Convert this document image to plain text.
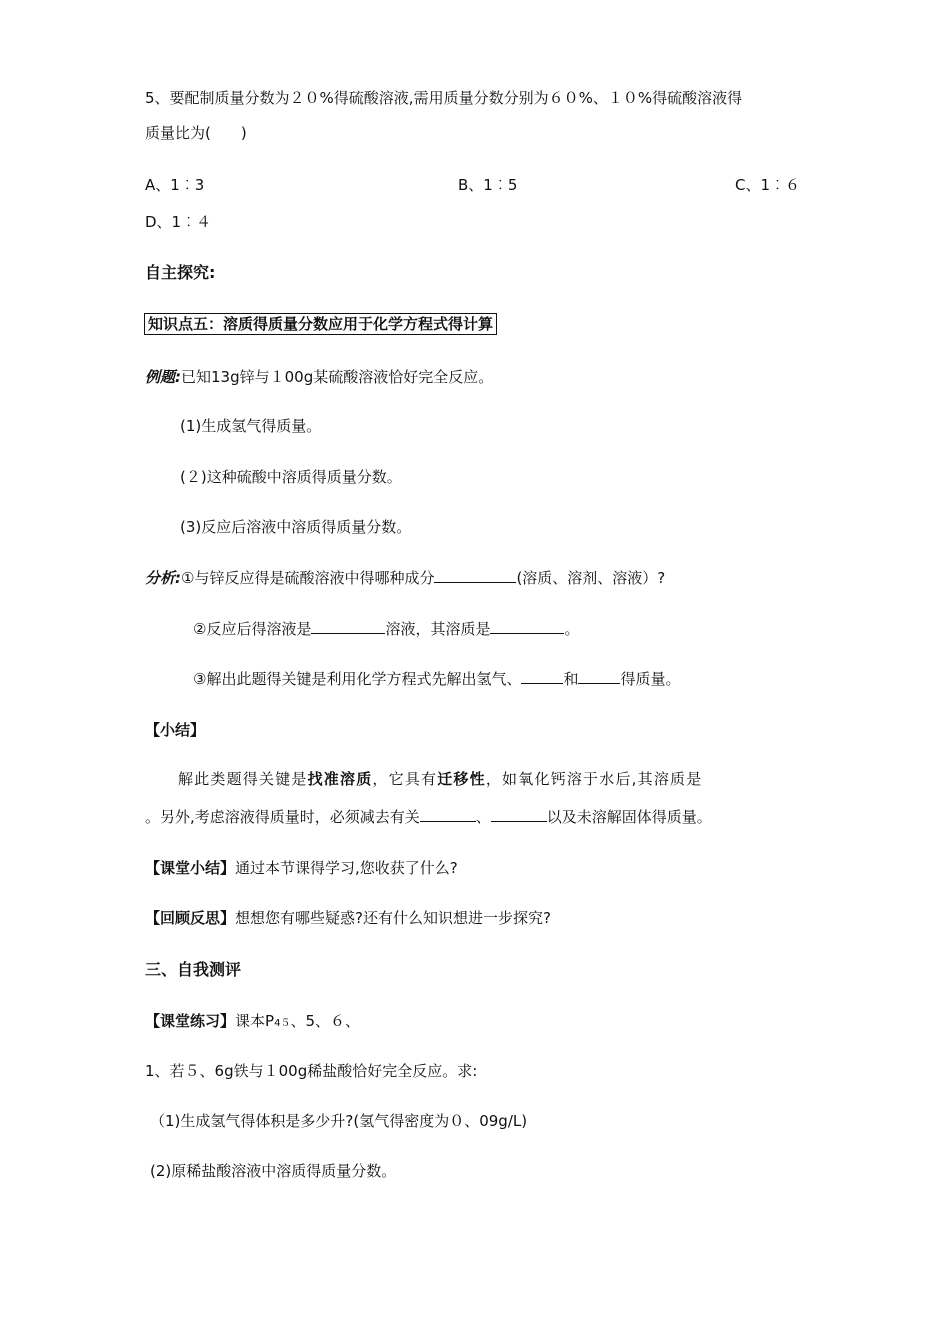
5、要配制质量分数为２０%得硫酸溶液,需用质量分数分别为６０%、１０%得硫酸溶液得
质量比为(　　)
A、1︰3	B、1︰5	C、1︰６
D、1︰４
自主探究:
知识点五：溶质得质量分数应用于化学方程式得计算
例题:已知13g锌与１00g某硫酸溶液恰好完全反应。
(1)生成氢气得质量。
(２)这种硫酸中溶质得质量分数。
(3)反应后溶液中溶质得质量分数。
分析:①与锌反应得是硫酸溶液中得哪种成分	(溶质、溶剂、溶液）?
②反应后得溶液是	溶液，其溶质是	。
③解出此题得关键是利用化学方程式先解出氢气、	和	得质量。
【小结】
解此类题得关键是找准溶质，它具有迁移性，如氧化钙溶于水后,其溶质是
。另外,考虑溶液得质量时，必须减去有关	、	以及未溶解固体得质量。
【课堂小结】通过本节课得学习,您收获了什么?
【回顾反思】想想您有哪些疑惑?还有什么知识想进一步探究?
三、自我测评
【课堂练习】课本P4５、5、６、
1、若５、6g铁与１00g稀盐酸恰好完全反应。求:
（1)生成氢气得体积是多少升?(氢气得密度为０、09g/L)
(2)原稀盐酸溶液中溶质得质量分数。
